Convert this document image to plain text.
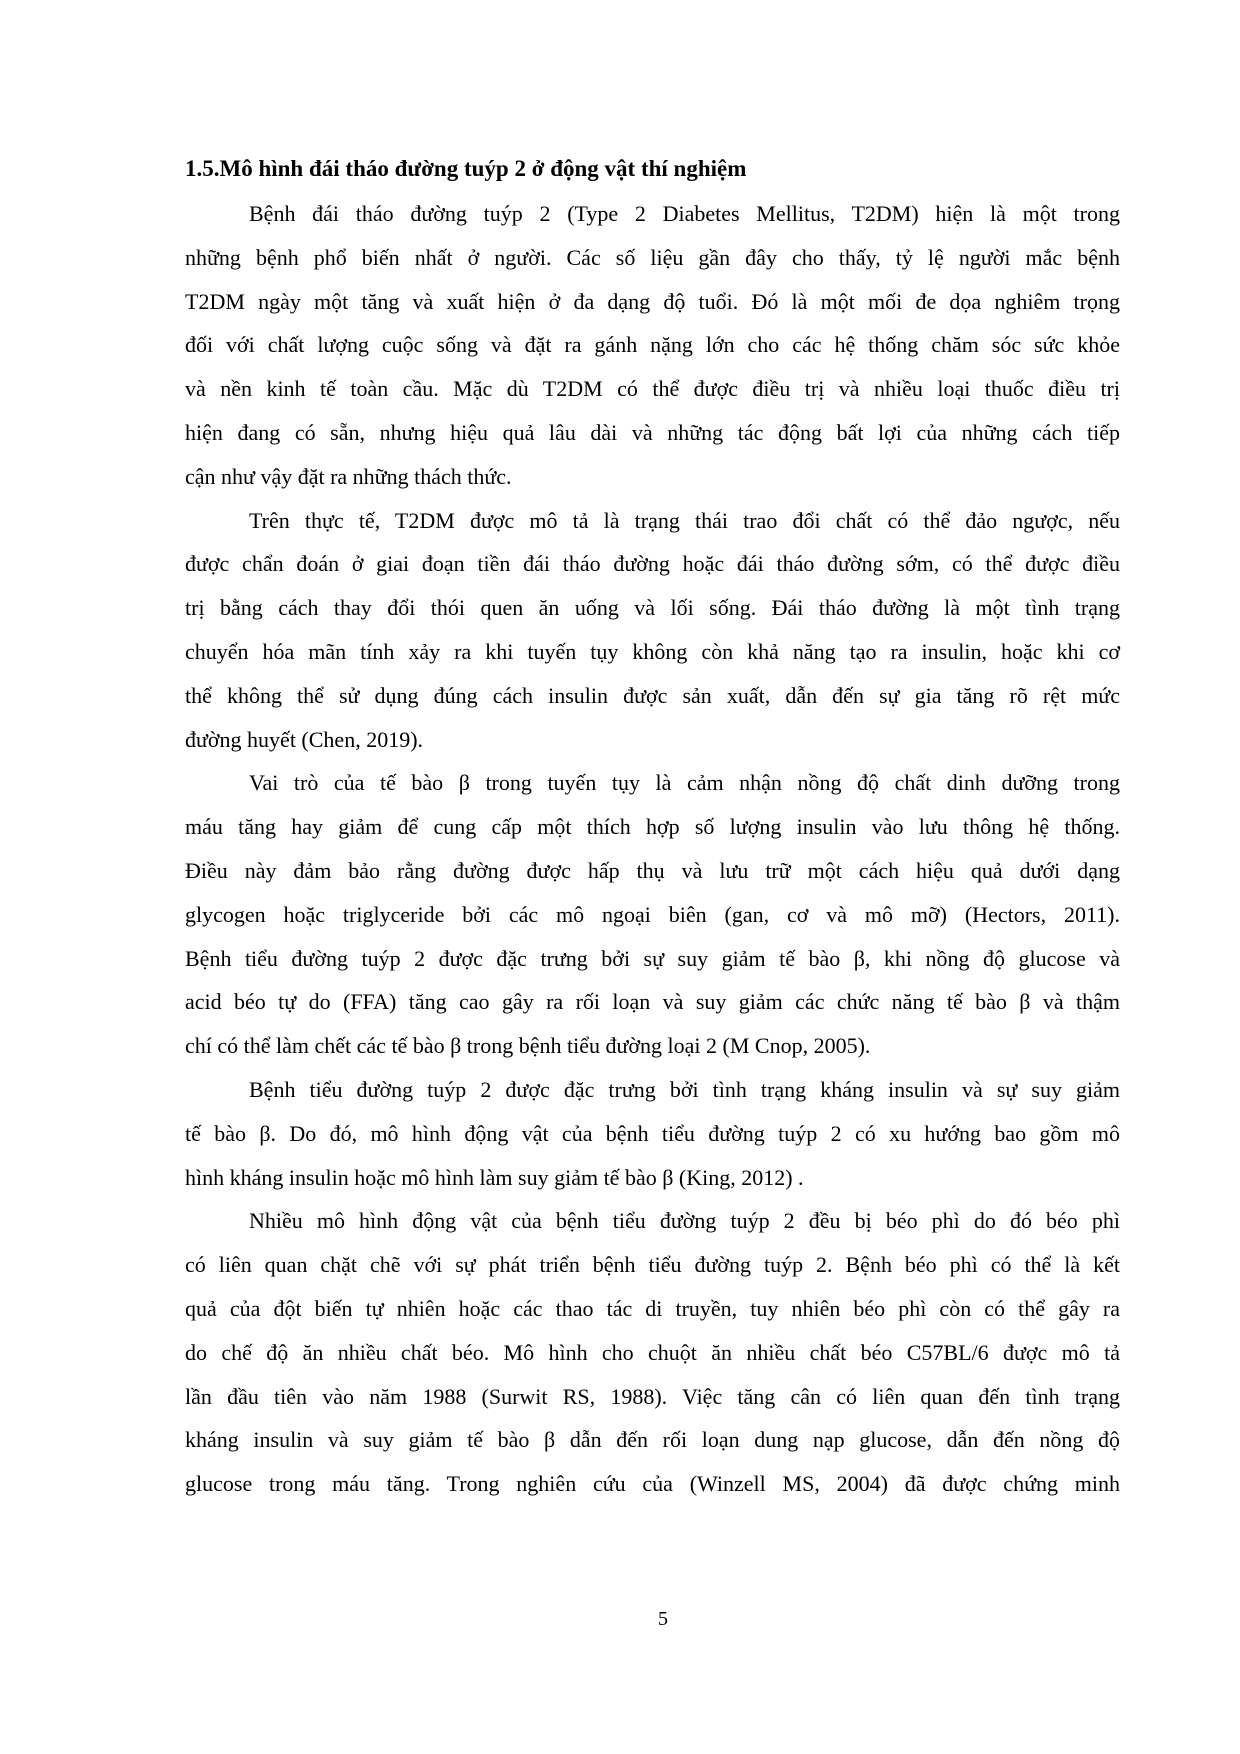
1.5.Mô hình đái tháo đường tuýp 2 ở động vật thí nghiệm
Bệnh đái tháo đường tuýp 2 (Type 2 Diabetes Mellitus, T2DM) hiện là một trong
những bệnh phổ biến nhất ở người. Các số liệu gần đây cho thấy, tỷ lệ người mắc bệnh
T2DM ngày một tăng và xuất hiện ở đa dạng độ tuổi. Đó là một mối đe dọa nghiêm trọng
đối với chất lượng cuộc sống và đặt ra gánh nặng lớn cho các hệ thống chăm sóc sức khỏe
và nền kinh tế toàn cầu. Mặc dù T2DM có thể được điều trị và nhiều loại thuốc điều trị
hiện đang có sẵn, nhưng hiệu quả lâu dài và những tác động bất lợi của những cách tiếp
cận như vậy đặt ra những thách thức.
Trên thực tế, T2DM được mô tả là trạng thái trao đổi chất có thể đảo ngược, nếu
được chẩn đoán ở giai đoạn tiền đái tháo đường hoặc đái tháo đường sớm, có thể được điều
trị bằng cách thay đổi thói quen ăn uống và lối sống. Đái tháo đường là một tình trạng
chuyển hóa mãn tính xảy ra khi tuyến tụy không còn khả năng tạo ra insulin, hoặc khi cơ
thể không thể sử dụng đúng cách insulin được sản xuất, dẫn đến sự gia tăng rõ rệt mức
đường huyết (Chen, 2019).
Vai trò của tế bào β trong tuyến tụy là cảm nhận nồng độ chất dinh dưỡng trong
máu tăng hay giảm để cung cấp một thích hợp số lượng insulin vào lưu thông hệ thống.
Điều này đảm bảo rằng đường được hấp thụ và lưu trữ một cách hiệu quả dưới dạng
glycogen hoặc triglyceride bởi các mô ngoại biên (gan, cơ và mô mỡ) (Hectors, 2011).
Bệnh tiểu đường tuýp 2 được đặc trưng bởi sự suy giảm tế bào β, khi nồng độ glucose và
acid béo tự do (FFA) tăng cao gây ra rối loạn và suy giảm các chức năng tế bào β và thậm
chí có thể làm chết các tế bào β trong bệnh tiểu đường loại 2 (M Cnop, 2005).
Bệnh tiểu đường tuýp 2 được đặc trưng bởi tình trạng kháng insulin và sự suy giảm
tế bào β. Do đó, mô hình động vật của bệnh tiểu đường tuýp 2 có xu hướng bao gồm mô
hình kháng insulin hoặc mô hình làm suy giảm tế bào β (King, 2012) .
Nhiều mô hình động vật của bệnh tiểu đường tuýp 2 đều bị béo phì do đó béo phì
có liên quan chặt chẽ với sự phát triển bệnh tiểu đường tuýp 2. Bệnh béo phì có thể là kết
quả của đột biến tự nhiên hoặc các thao tác di truyền, tuy nhiên béo phì còn có thể gây ra
do chế độ ăn nhiều chất béo. Mô hình cho chuột ăn nhiều chất béo C57BL/6 được mô tả
lần đầu tiên vào năm 1988 (Surwit RS, 1988). Việc tăng cân có liên quan đến tình trạng
kháng insulin và suy giảm tế bào β dẫn đến rối loạn dung nạp glucose, dẫn đến nồng độ
glucose trong máu tăng. Trong nghiên cứu của (Winzell MS, 2004) đã được chứng minh
5
